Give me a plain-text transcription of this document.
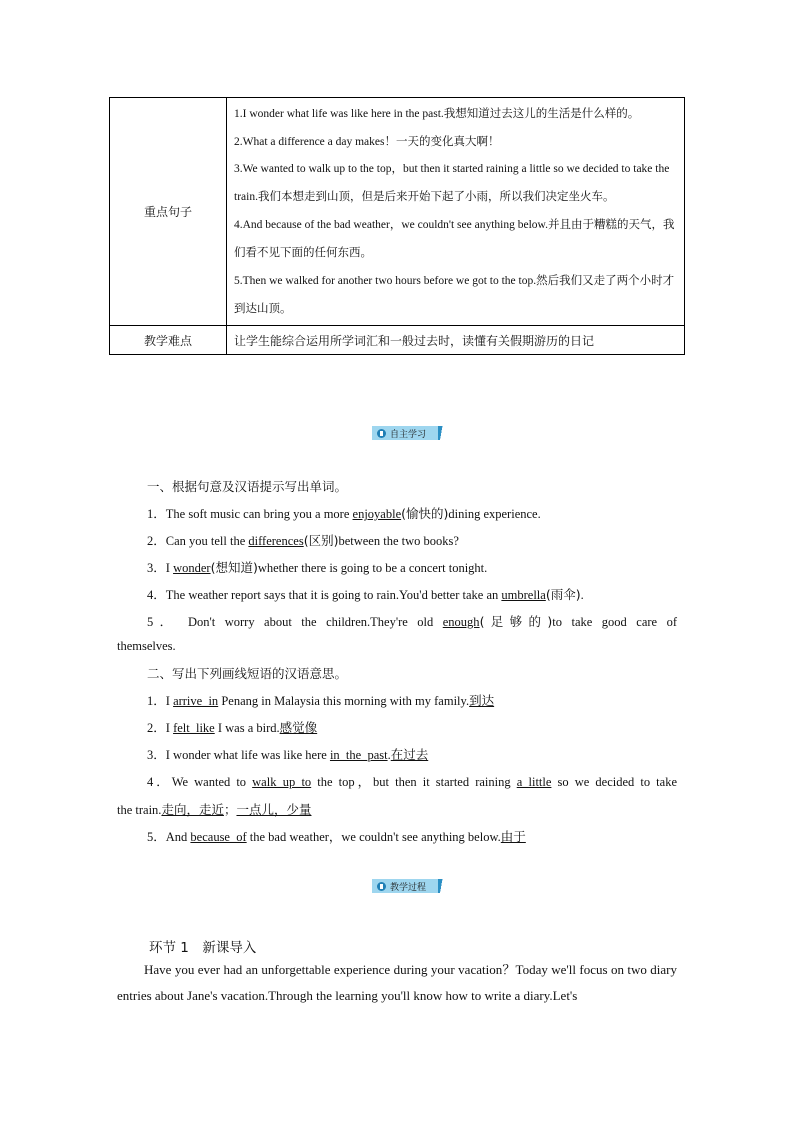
重点句子	1.I wonder what life was like here in the past.我想知道过去这儿的生活是什么样的。
2.What a difference a day makes！一天的变化真大啊！
3.We wanted to walk up to the top，but then it started raining a little so we decided to take the train.我们本想走到山顶，但是后来开始下起了小雨，所以我们决定坐火车。
4.And because of the bad weather，we couldn't see anything below.并且由于糟糕的天气，我们看不见下面的任何东西。
5.Then we walked for another two hours before we got to the top.然后我们又走了两个小时才到达山顶。

教学难点	让学生能综合运用所学词汇和一般过去时，读懂有关假期游历的日记
自主学习
一、根据句意及汉语提示写出单词。
1．The soft music can bring you a more enjoyable(愉快的)dining experience.
2．Can you tell the differences(区别)between the two books?
3．I wonder(想知道)whether there is going to be a concert tonight.
4．The weather report says that it is going to rain.You'd better take an umbrella(雨伞).
5． Don't worry about the children.They're old enough(足够的)to take good care of
themselves.
二、写出下列画线短语的汉语意思。
1．I arrive_in Penang in Malaysia this morning with my family.到达
2．I felt_like I was a bird.感觉像
3．I wonder what life was like here in_the_past.在过去
4．We wanted to walk_up_to the top，but then it started raining a_little so we decided to take
the train.走向，走近；一点儿，少量
5．And because_of the bad weather，we couldn't see anything below.由于
教学过程
环节 1　新课导入
Have you ever had an unforgettable experience during your vacation？Today we'll focus on two diary entries about Jane's vacation.Through the learning you'll know how to write a diary.Let's
